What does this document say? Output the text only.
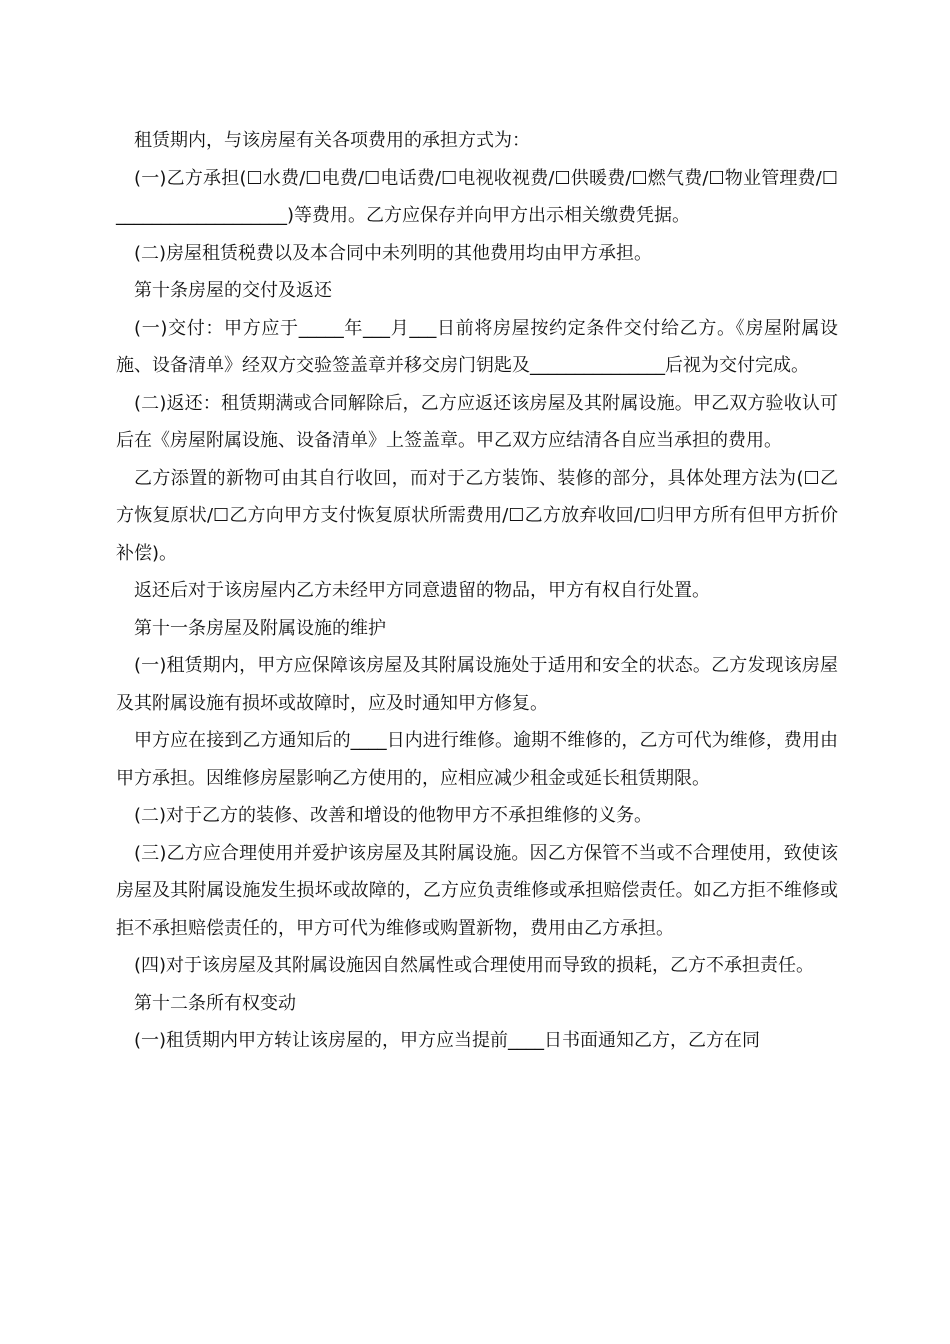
租赁期内，与该房屋有关各项费用的承担方式为：

(一)乙方承担(☐水费/☐电费/☐电话费/☐电视收视费/☐供暖费/☐燃气费/☐物业管理费/☐___________________)等费用。乙方应保存并向甲方出示相关缴费凭据。

(二)房屋租赁税费以及本合同中未列明的其他费用均由甲方承担。

第十条房屋的交付及返还

(一)交付：甲方应于_____年___月___日前将房屋按约定条件交付给乙方。《房屋附属设施、设备清单》经双方交验签盖章并移交房门钥匙及_______________后视为交付完成。

(二)返还：租赁期满或合同解除后，乙方应返还该房屋及其附属设施。甲乙双方验收认可后在《房屋附属设施、设备清单》上签盖章。甲乙双方应结清各自应当承担的费用。

乙方添置的新物可由其自行收回，而对于乙方装饰、装修的部分，具体处理方法为(☐乙方恢复原状/☐乙方向甲方支付恢复原状所需费用/☐乙方放弃收回/☐归甲方所有但甲方折价补偿)。

返还后对于该房屋内乙方未经甲方同意遗留的物品，甲方有权自行处置。

第十一条房屋及附属设施的维护

(一)租赁期内，甲方应保障该房屋及其附属设施处于适用和安全的状态。乙方发现该房屋及其附属设施有损坏或故障时，应及时通知甲方修复。

甲方应在接到乙方通知后的____日内进行维修。逾期不维修的，乙方可代为维修，费用由甲方承担。因维修房屋影响乙方使用的，应相应减少租金或延长租赁期限。

(二)对于乙方的装修、改善和增设的他物甲方不承担维修的义务。

(三)乙方应合理使用并爱护该房屋及其附属设施。因乙方保管不当或不合理使用，致使该房屋及其附属设施发生损坏或故障的，乙方应负责维修或承担赔偿责任。如乙方拒不维修或拒不承担赔偿责任的，甲方可代为维修或购置新物，费用由乙方承担。

(四)对于该房屋及其附属设施因自然属性或合理使用而导致的损耗，乙方不承担责任。

第十二条所有权变动

(一)租赁期内甲方转让该房屋的，甲方应当提前____日书面通知乙方，乙方在同
